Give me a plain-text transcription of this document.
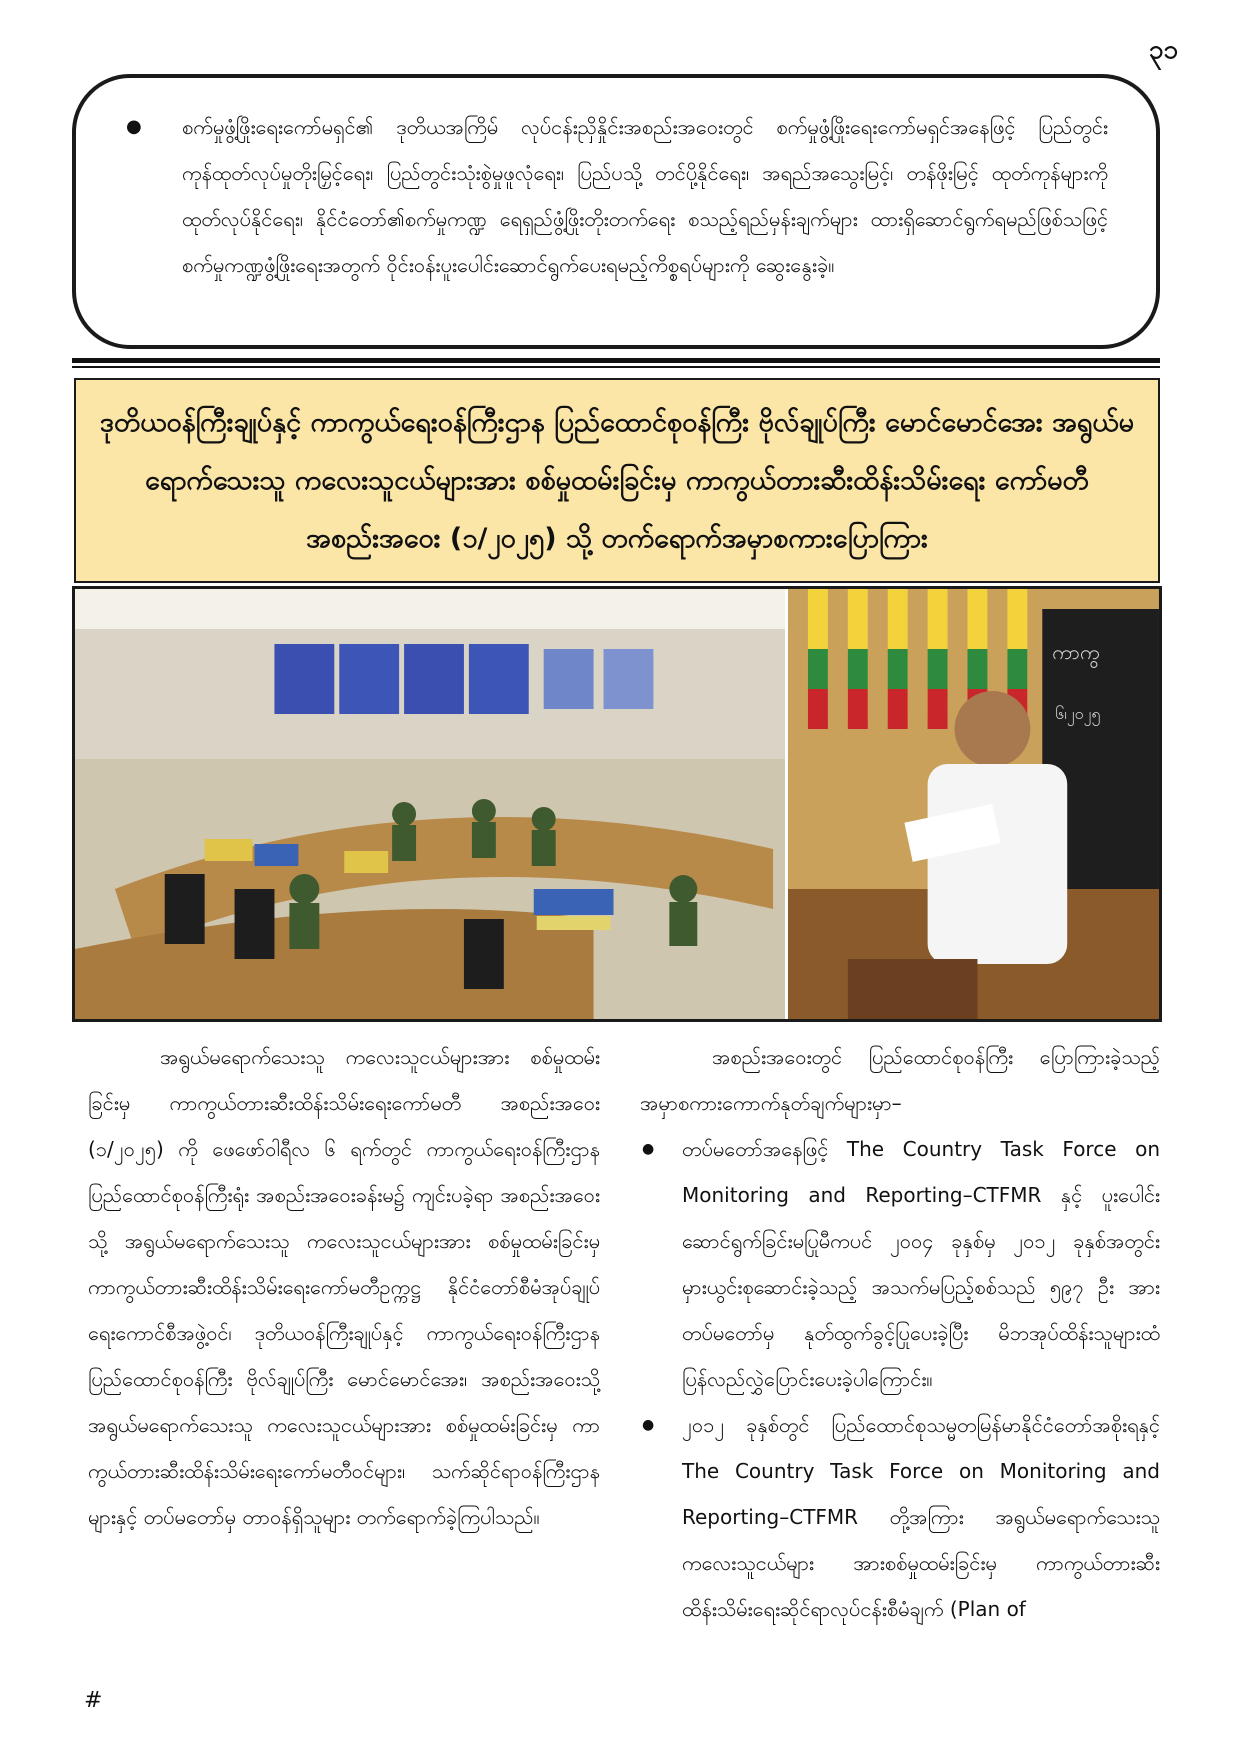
၃၁
● စက်မှုဖွံ့ဖြိုးရေးကော်မရှင်၏ ဒုတိယအကြိမ် လုပ်ငန်းညှိနှိုင်းအစည်းအဝေးတွင် စက်မှုဖွံ့ဖြိုးရေးကော်မရှင်အနေဖြင့် ပြည်တွင်းကုန်ထုတ်လုပ်မှုတိုးမြှင့်ရေး၊ ပြည်တွင်းသုံးစွဲမှုဖူလုံရေး၊ ပြည်ပသို့ တင်ပို့နိုင်ရေး၊ အရည်အသွေးမြင့်၊ တန်ဖိုးမြင့် ထုတ်ကုန်များကိုထုတ်လုပ်နိုင်ရေး၊ နိုင်ငံတော်၏စက်မှုကဏ္ဍ ရေရှည်ဖွံ့ဖြိုးတိုးတက်ရေး စသည့်ရည်မှန်းချက်များ ထားရှိဆောင်ရွက်ရမည်ဖြစ်သဖြင့် စက်မှုကဏ္ဍဖွံ့ဖြိုးရေးအတွက် ဝိုင်းဝန်းပူးပေါင်းဆောင်ရွက်ပေးရမည့်ကိစ္စရပ်များကို ဆွေးနွေးခဲ့။
ဒုတိယဝန်ကြီးချုပ်နှင့် ကာကွယ်ရေးဝန်ကြီးဌာန ပြည်ထောင်စုဝန်ကြီး ဗိုလ်ချုပ်ကြီး မောင်မောင်အေး အရွယ်မရောက်သေးသူ ကလေးသူငယ်များအား စစ်မှုထမ်းခြင်းမှ ကာကွယ်တားဆီးထိန်းသိမ်းရေး ကော်မတီအစည်းအဝေး (၁/၂၀၂၅) သို့ တက်ရောက်အမှာစကားပြောကြား
ကာကွ
၆၊၂၀၂၅

အရွယ်မရောက်သေးသူ ကလေးသူငယ်များအား စစ်မှုထမ်းခြင်းမှ ကာကွယ်တားဆီးထိန်းသိမ်းရေးကော်မတီ အစည်းအဝေး (၁/၂၀၂၅) ကို ဖေဖော်ဝါရီလ ၆ ရက်တွင် ကာကွယ်ရေးဝန်ကြီးဌာန ပြည်ထောင်စုဝန်ကြီးရုံး အစည်းအဝေးခန်းမ၌ ကျင်းပခဲ့ရာ အစည်းအဝေးသို့ အရွယ်မရောက်သေးသူ ကလေးသူငယ်များအား စစ်မှုထမ်းခြင်းမှ ကာကွယ်တားဆီးထိန်းသိမ်းရေးကော်မတီဥက္ကဋ္ဌ နိုင်ငံတော်စီမံအုပ်ချုပ်ရေးကောင်စီအဖွဲ့ဝင်၊ ဒုတိယဝန်ကြီးချုပ်နှင့် ကာကွယ်ရေးဝန်ကြီးဌာန ပြည်ထောင်စုဝန်ကြီး ဗိုလ်ချုပ်ကြီး မောင်မောင်အေး၊ အစည်းအဝေးသို့ အရွယ်မရောက်သေးသူ ကလေးသူငယ်များအား စစ်မှုထမ်းခြင်းမှ ကာကွယ်တားဆီးထိန်းသိမ်းရေးကော်မတီဝင်များ၊ သက်ဆိုင်ရာဝန်ကြီးဌာနများနှင့် တပ်မတော်မှ တာဝန်ရှိသူများ တက်ရောက်ခဲ့ကြပါသည်။

အစည်းအဝေးတွင် ပြည်ထောင်စုဝန်ကြီး ပြောကြားခဲ့သည့် အမှာစကားကောက်နုတ်ချက်များမှာ–

● တပ်မတော်အနေဖြင့် The Country Task Force on Monitoring and Reporting–CTFMR နှင့် ပူးပေါင်းဆောင်ရွက်ခြင်းမပြုမီကပင် ၂၀၀၄ ခုနှစ်မှ ၂၀၁၂ ခုနှစ်အတွင်း မှားယွင်းစုဆောင်းခဲ့သည့် အသက်မပြည့်စစ်သည် ၅၉၇ ဦး အား တပ်မတော်မှ နုတ်ထွက်ခွင့်ပြုပေးခဲ့ပြီး မိဘအုပ်ထိန်းသူများထံ ပြန်လည်လွှဲပြောင်းပေးခဲ့ပါကြောင်း။
● ၂၀၁၂ ခုနှစ်တွင် ပြည်ထောင်စုသမ္မတမြန်မာနိုင်ငံတော်အစိုးရနှင့် The Country Task Force on Monitoring and Reporting–CTFMR တို့အကြား အရွယ်မရောက်သေးသူ ကလေးသူငယ်များ အားစစ်မှုထမ်းခြင်းမှ ကာကွယ်တားဆီးထိန်းသိမ်းရေးဆိုင်ရာလုပ်ငန်းစီမံချက် (Plan of
#
